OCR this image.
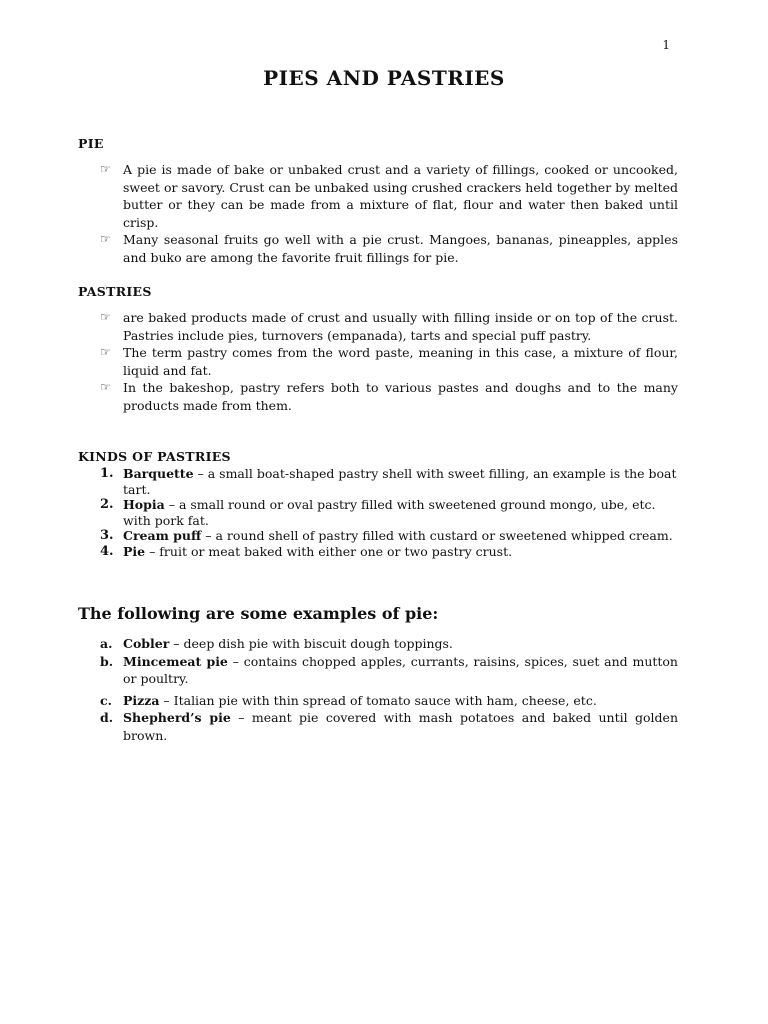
1
PIES AND PASTRIES
PIE
☞ A pie is made of bake or unbaked crust and a variety of fillings, cooked or uncooked, sweet or savory. Crust can be unbaked using crushed crackers held together by melted butter or they can be made from a mixture of flat, flour and water then baked until crisp.
☞ Many seasonal fruits go well with a pie crust. Mangoes, bananas, pineapples, apples and buko are among the favorite fruit fillings for pie.
PASTRIES
☞ are baked products made of crust and usually with filling inside or on top of the crust. Pastries include pies, turnovers (empanada), tarts and special puff pastry.
☞ The term pastry comes from the word paste, meaning in this case, a mixture of flour, liquid and fat.
☞ In the bakeshop, pastry refers both to various pastes and doughs and to the many products made from them.
KINDS OF PASTRIES
1. Barquette – a small boat-shaped pastry shell with sweet filling, an example is the boat tart.
2. Hopia – a small round or oval pastry filled with sweetened ground mongo, ube, etc. with pork fat.
3. Cream puff – a round shell of pastry filled with custard or sweetened whipped cream.
4. Pie – fruit or meat baked with either one or two pastry crust.
The following are some examples of pie:
a. Cobler – deep dish pie with biscuit dough toppings.
b. Mincemeat pie – contains chopped apples, currants, raisins, spices, suet and mutton or poultry.
c. Pizza – Italian pie with thin spread of tomato sauce with ham, cheese, etc.
d. Shepherd’s pie – meant pie covered with mash potatoes and baked until golden brown.
